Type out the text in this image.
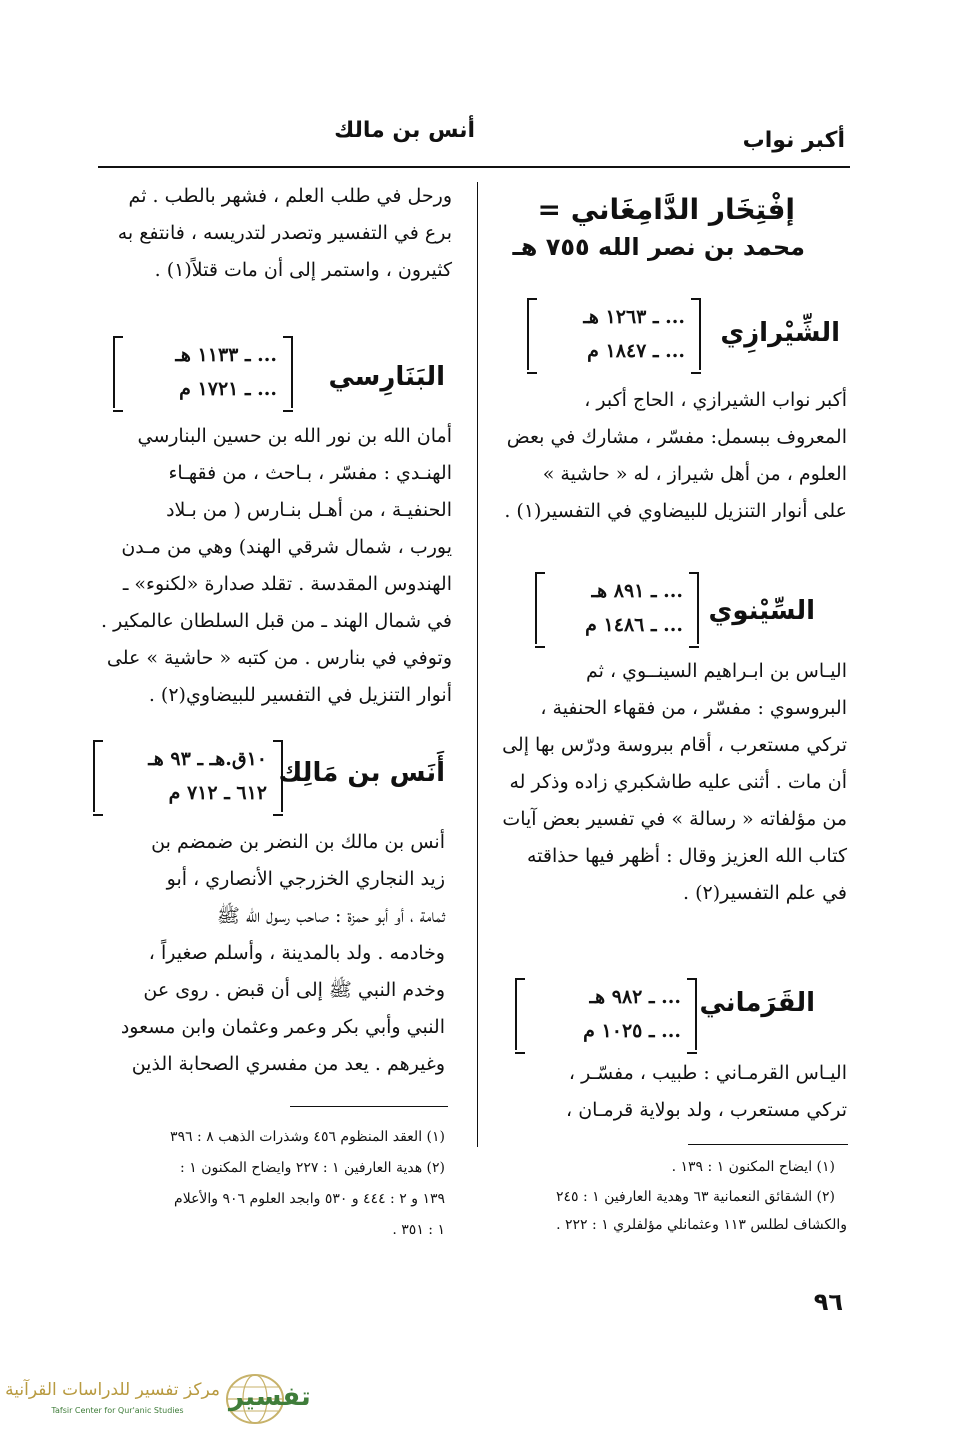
أكبر نواب
أنس بن مالك
إفْتِخَار الدَّامِغَاني =
محمد بن نصر الله ٧٥٥ هـ
الشِّيْرازِي
... ـ ١٢٦٣ هـ
... ـ ١٨٤٧ م
أكبر نواب الشيرازي ، الحاج أكبر ،
المعروف ببسمل: مفسّر ، مشارك في بعض
العلوم ، من أهل شيراز ، له « حاشية »
على أنوار التنزيل للبيضاوي في التفسير(١) .
السِّيْنوي
... ـ ٨٩١ هـ
... ـ ١٤٨٦ م
اليـاس بن ابـراهيم السينــوي ، ثم
البروسوي : مفسّر ، من فقهاء الحنفية ،
تركي مستعرب ، أقام ببروسة ودرّس بها إلى
أن مات . أثنى عليه طاشكبري زاده وذكر له
من مؤلفاته « رسالة » في تفسير بعض آيات
كتاب الله العزيز وقال : أظهر فيها حذاقته
في علم التفسير(٢) .
القَرَماني
... ـ ٩٨٢ هـ
... ـ ١٠٢٥ م
اليـاس القرمـاني : طبيب ، مفسّـر ،
تركي مستعرب ، ولد بولاية قرمـان ،
(١) ايضاح المكنون ١ : ١٣٩ .
(٢) الشقائق النعمانية ٦٣ وهدية العارفين ١ : ٢٤٥
والكشاف لطلس ١١٣ وعثمانلي مؤلفلري ١ : ٢٢٢ .
ورحل في طلب العلم ، فشهر بالطب . ثم
برع في التفسير وتصدر لتدريسه ، فانتفع به
كثيرون ، واستمر إلى أن مات قتلاً(١) .
البَنَارِسي
... ـ ١١٣٣ هـ
... ـ ١٧٢١ م
أمان الله بن نور الله بن حسين البنارسي
الهنـدي : مفسّر ، بـاحث ، من فقهـاء
الحنفيـة ، من أهـل بنـارس ( من بـلاد
يورب ، شمال شرقي الهند) وهي من مـدن
الهندوس المقدسة . تقلد صدارة «لكنوء» ـ
في شمال الهند ـ من قبل السلطان عالمكير .
وتوفي في بنارس . من كتبه « حاشية » على
أنوار التنزيل في التفسير للبيضاوي(٢) .
أَنَس بن مَالِك
١٠ق.هـ ـ ٩٣ هـ
٦١٢ ـ ٧١٢ م
أنس بن مالك بن النضر بن ضمضم بن
زيد النجاري الخزرجي الأنصاري ، أبو
ثمامة ، أو أبو حمزة : صاحب رسول الله ﷺ
وخادمه . ولد بالمدينة ، وأسلم صغيراً ،
وخدم النبي ﷺ إلى أن قبض . روى عن
النبي وأبي بكر وعمر وعثمان وابن مسعود
وغيرهم . يعد من مفسري الصحابة الذين
(١) العقد المنظوم ٤٥٦ وشذرات الذهب ٨ : ٣٩٦
(٢) هدية العارفين ١ : ٢٢٧ وايضاح المكنون ١ :
١٣٩ و ٢ : ٤٤٤ و ٥٣٠ وابجد العلوم ٩٠٦ والأعلام
١ : ٣٥١ .
٩٦
تفسير
مركز تفسير للدراسات القرآنية
Tafsir Center for Qur'anic Studies
